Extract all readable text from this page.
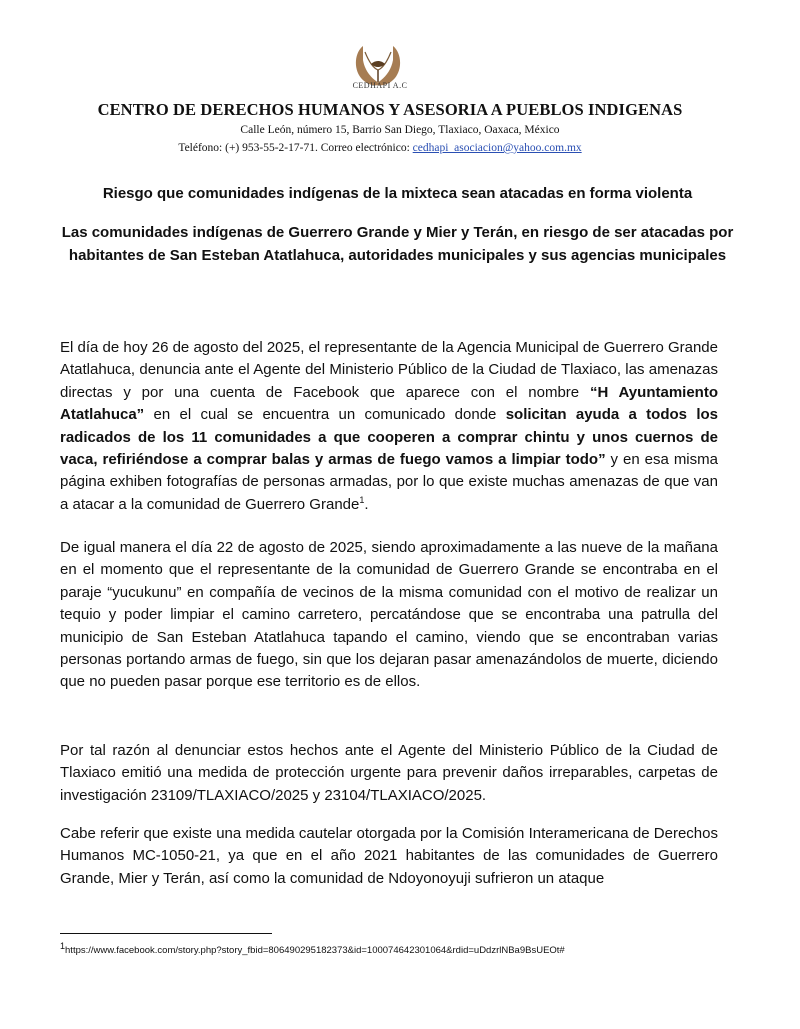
CEDHAPI A.C
CENTRO DE DERECHOS HUMANOS Y ASESORIA A PUEBLOS INDIGENAS
Calle León, número 15, Barrio San Diego, Tlaxiaco, Oaxaca, México
Teléfono: (+) 953-55-2-17-71. Correo electrónico: cedhapi_asociacion@yahoo.com.mx
Riesgo que comunidades indígenas de la mixteca sean atacadas en forma violenta
Las comunidades indígenas de Guerrero Grande y Mier y Terán, en riesgo de ser atacadas por habitantes de San Esteban Atatlahuca, autoridades municipales y sus agencias municipales

El día de hoy 26 de agosto del 2025, el representante de la Agencia Municipal de Guerrero Grande Atatlahuca, denuncia ante el Agente del Ministerio Público de la Ciudad de Tlaxiaco, las amenazas directas y por una cuenta de Facebook que aparece con el nombre “H Ayuntamiento Atatlahuca” en el cual se encuentra un comunicado donde solicitan ayuda a todos los radicados de los 11 comunidades a que cooperen a comprar chintu y unos cuernos de vaca, refiriéndose a comprar balas y armas de fuego vamos a limpiar todo” y en esa misma página exhiben fotografías de personas armadas, por lo que existe muchas amenazas de que van a atacar a la comunidad de Guerrero Grande$^1$.

De igual manera el día 22 de agosto de 2025, siendo aproximadamente a las nueve de la mañana en el momento que el representante de la comunidad de Guerrero Grande se encontraba en el paraje “yucukunu” en compañía de vecinos de la misma comunidad con el motivo de realizar un tequio y poder limpiar el camino carretero, percatándose que se encontraba una patrulla del municipio de San Esteban Atatlahuca tapando el camino, viendo que se encontraban varias personas portando armas de fuego, sin que los dejaran pasar amenazándolos de muerte, diciendo que no pueden pasar porque ese territorio es de ellos.

Por tal razón al denunciar estos hechos ante el Agente del Ministerio Público de la Ciudad de Tlaxiaco emitió una medida de protección urgente para prevenir daños irreparables, carpetas de investigación 23109/TLAXIACO/2025 y 23104/TLAXIACO/2025.

Cabe referir que existe una medida cautelar otorgada por la Comisión Interamericana de Derechos Humanos MC-1050-21, ya que en el año 2021 habitantes de las comunidades de Guerrero Grande, Mier y Terán, así como la comunidad de Ndoyonoyuji sufrieron un ataque

$^1$https://www.facebook.com/story.php?story_fbid=806490295182373&id=100074642301064&rdid=uDdzrlNBa9BsUEOt#
